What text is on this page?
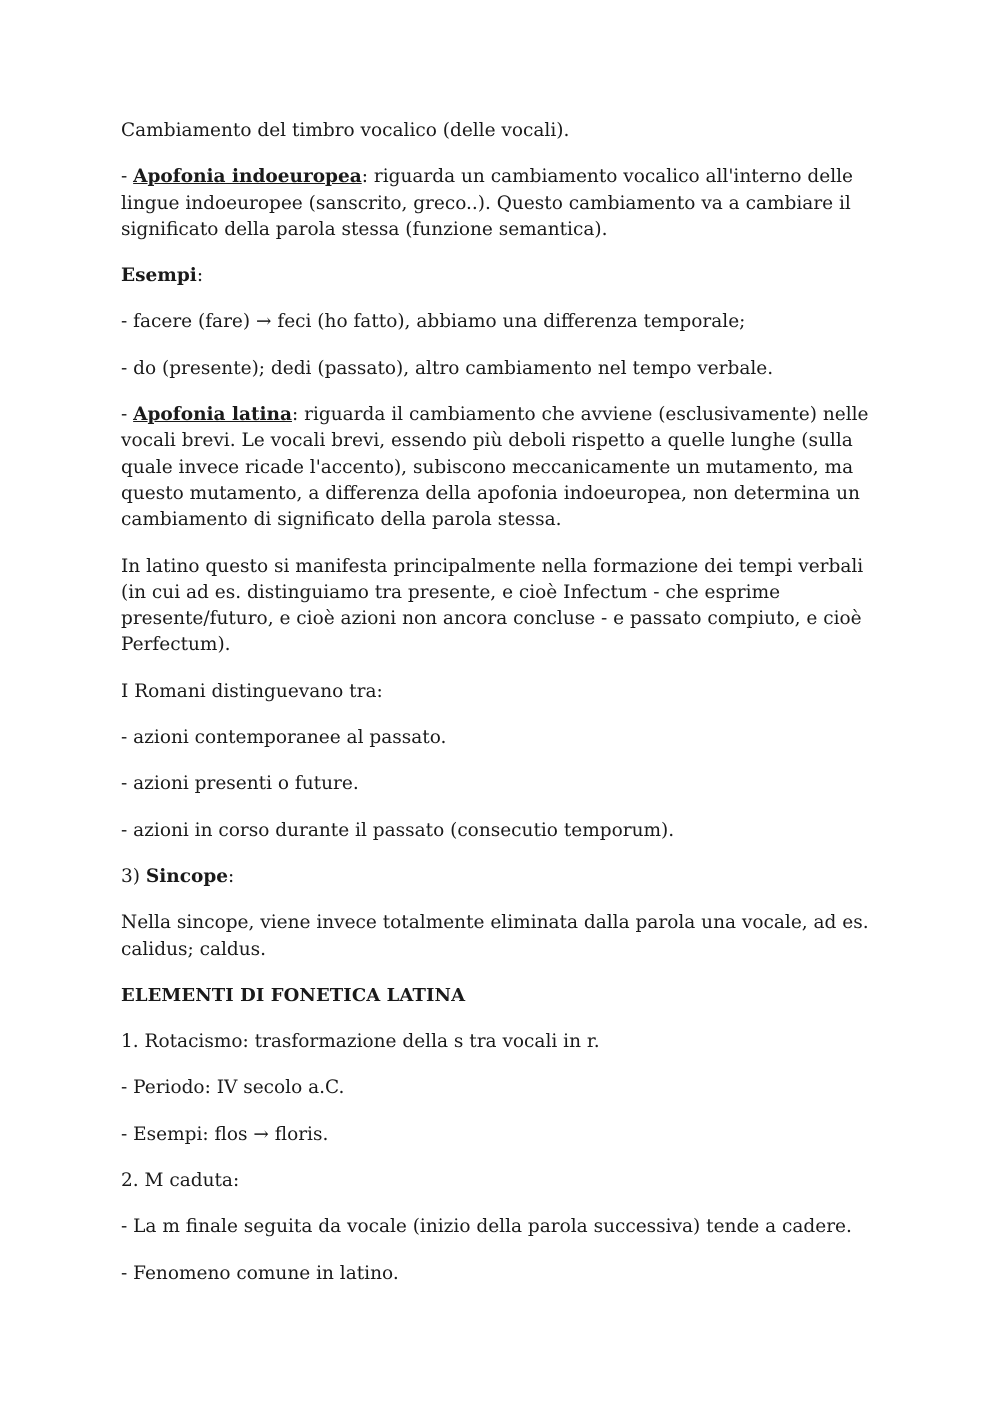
Cambiamento del timbro vocalico (delle vocali).

- Apofonia indoeuropea: riguarda un cambiamento vocalico all'interno delle lingue indoeuropee (sanscrito, greco..). Questo cambiamento va a cambiare il significato della parola stessa (funzione semantica).

Esempi:

- facere (fare) → feci (ho fatto), abbiamo una differenza temporale;

- do (presente); dedi (passato), altro cambiamento nel tempo verbale.

- Apofonia latina: riguarda il cambiamento che avviene (esclusivamente) nelle vocali brevi. Le vocali brevi, essendo più deboli rispetto a quelle lunghe (sulla quale invece ricade l'accento), subiscono meccanicamente un mutamento, ma questo mutamento, a differenza della apofonia indoeuropea, non determina un cambiamento di significato della parola stessa.

In latino questo si manifesta principalmente nella formazione dei tempi verbali (in cui ad es. distinguiamo tra presente, e cioè Infectum - che esprime presente/futuro, e cioè azioni non ancora concluse - e passato compiuto, e cioè Perfectum).

I Romani distinguevano tra:

- azioni contemporanee al passato.

- azioni presenti o future.

- azioni in corso durante il passato (consecutio temporum).

3) Sincope:

Nella sincope, viene invece totalmente eliminata dalla parola una vocale, ad es. calidus; caldus.

ELEMENTI DI FONETICA LATINA

1. Rotacismo: trasformazione della s tra vocali in r.

- Periodo: IV secolo a.C.

- Esempi: flos → floris.

2. M caduta:

- La m finale seguita da vocale (inizio della parola successiva) tende a cadere.

- Fenomeno comune in latino.
